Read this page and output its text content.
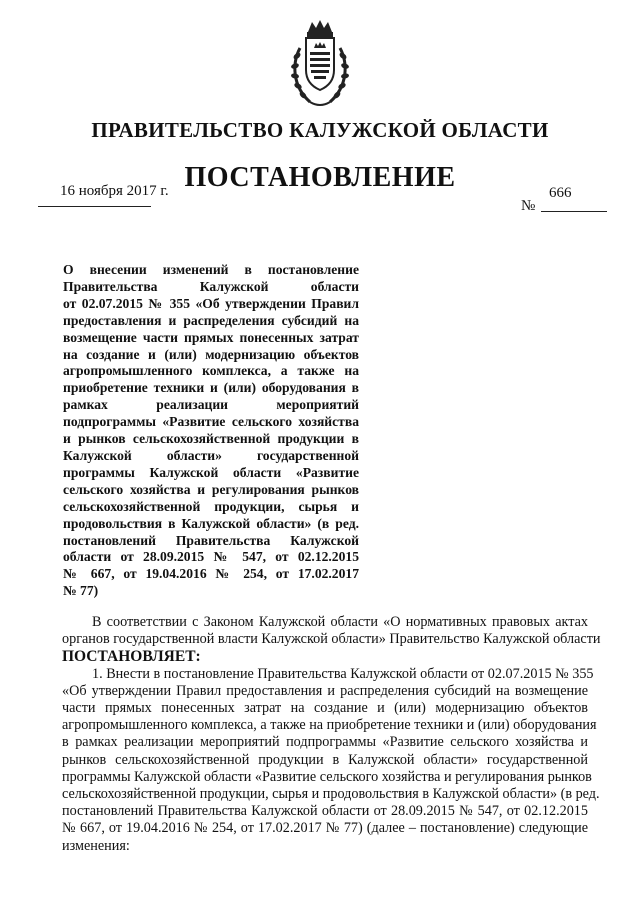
ПРАВИТЕЛЬСТВО КАЛУЖСКОЙ ОБЛАСТИ
ПОСТАНОВЛЕНИЕ
16 ноября 2017 г.	666
№
О внесении изменений в постановление
Правительства Калужской области
от 02.07.2015 № 355 «Об утверждении Правил
предоставления и распределения субсидий на
возмещение части прямых понесенных затрат
на создание и (или) модернизацию объектов
агропромышленного комплекса, а также на
приобретение техники и (или) оборудования в
рамках реализации мероприятий
подпрограммы «Развитие сельского хозяйства
и рынков сельскохозяйственной продукции в
Калужской области» государственной
программы Калужской области «Развитие
сельского хозяйства и регулирования рынков
сельскохозяйственной продукции, сырья и
продовольствия в Калужской области» (в ред.
постановлений Правительства Калужской
области от 28.09.2015 № 547, от 02.12.2015
№ 667, от 19.04.2016 № 254, от 17.02.2017
№ 77)
В соответствии с Законом Калужской области «О нормативных правовых актах
органов государственной власти Калужской области» Правительство Калужской области
ПОСТАНОВЛЯЕТ:
1. Внести в постановление Правительства Калужской области от 02.07.2015 № 355
«Об утверждении Правил предоставления и распределения субсидий на возмещение
части прямых понесенных затрат на создание и (или) модернизацию объектов
агропромышленного комплекса, а также на приобретение техники и (или) оборудования
в рамках реализации мероприятий подпрограммы «Развитие сельского хозяйства и
рынков сельскохозяйственной продукции в Калужской области» государственной
программы Калужской области «Развитие сельского хозяйства и регулирования рынков
сельскохозяйственной продукции, сырья и продовольствия в Калужской области» (в ред.
постановлений Правительства Калужской области от 28.09.2015 № 547, от 02.12.2015
№ 667, от 19.04.2016 № 254, от 17.02.2017 № 77) (далее – постановление) следующие
изменения:
